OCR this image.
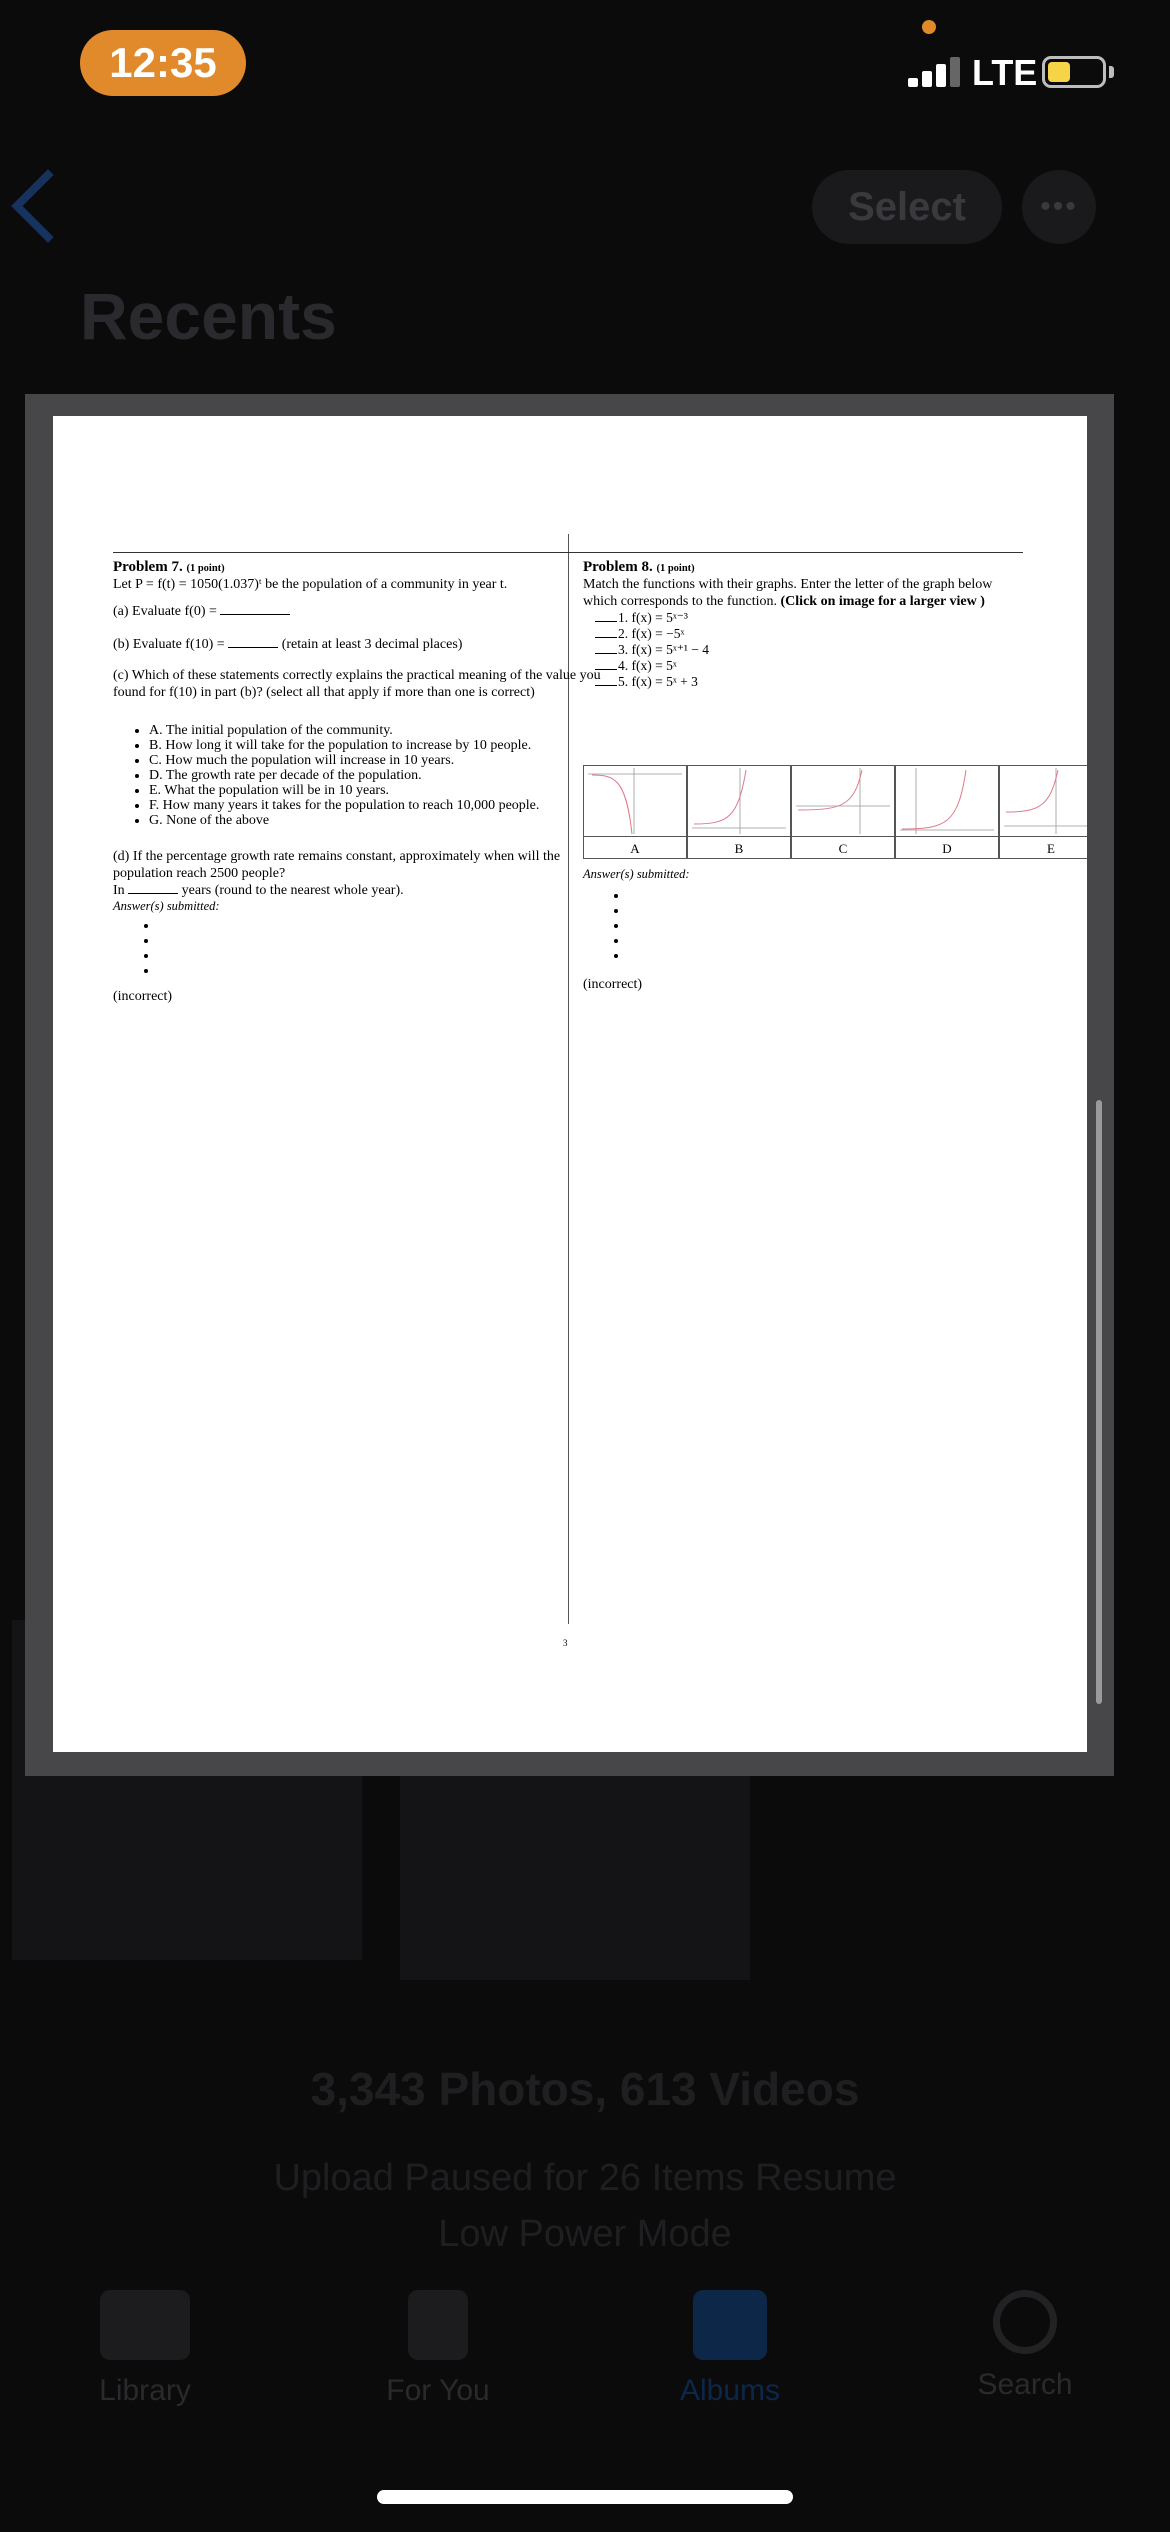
Recents
Select	•••
3,343 Photos, 613 Videos
Upload Paused for 26 Items Resume
Low Power Mode
Library	For You	Albums	Search
12:35	LTE
Problem 7. (1 point)
Let P = f(t) = 1050(1.037)ᵗ be the population of a community in year t.
(a) Evaluate f(0) =
(b) Evaluate f(10) =	(retain at least 3 decimal places)
(c) Which of these statements correctly explains the practical meaning of the value you found for f(10) in part (b)? (select all that apply if more than one is correct)
• A. The initial population of the community.
• B. How long it will take for the population to increase by 10 people.
• C. How much the population will increase in 10 years.
• D. The growth rate per decade of the population.
• E. What the population will be in 10 years.
• F. How many years it takes for the population to reach 10,000 people.
• G. None of the above
(d) If the percentage growth rate remains constant, approximately when will the population reach 2500 people?
In	years (round to the nearest whole year).
Answer(s) submitted:
•
•
•
•
(incorrect)
Problem 8. (1 point)
Match the functions with their graphs. Enter the letter of the graph below which corresponds to the function. (Click on image for a larger view )
1. f(x) = 5ˣ⁻³
2. f(x) = −5ˣ
3. f(x) = 5ˣ⁺¹ − 4
4. f(x) = 5ˣ
5. f(x) = 5ˣ + 3
A	B	C	D	E
Answer(s) submitted:
(incorrect)
3
